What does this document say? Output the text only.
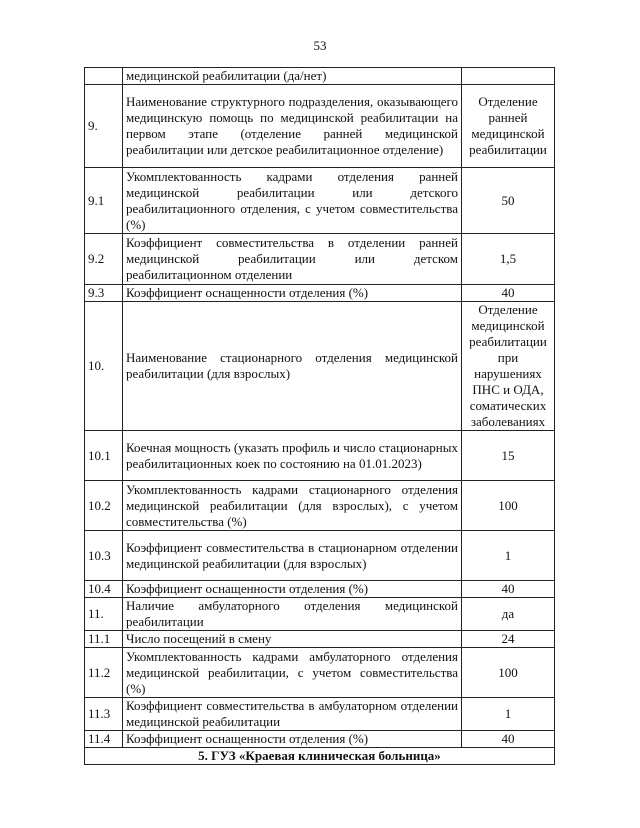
53
	медицинской реабилитации (да/нет)	
9.	Наименование структурного подразделения, оказывающего медицинскую помощь по медицинской реабилитации на первом этапе (отделение ранней медицинской реабилитации или детское реабилитационное отделение)	Отделение ранней медицинской реабилитации
9.1	Укомплектованность кадрами отделения ранней медицинской реабилитации или детского реабилитационного отделения, с учетом совместительства (%)	50
9.2	Коэффициент совместительства в отделении ранней медицинской реабилитации или детском реабилитационном отделении	1,5
9.3	Коэффициент оснащенности отделения (%)	40
10.	Наименование стационарного отделения медицинской реабилитации (для взрослых)	Отделение медицинской реабилитации при нарушениях ПНС и ОДА, соматических заболеваниях
10.1	Коечная мощность (указать профиль и число стационарных реабилитационных коек по состоянию на 01.01.2023)	15
10.2	Укомплектованность кадрами стационарного отделения медицинской реабилитации (для взрослых), с учетом совместительства (%)	100
10.3	Коэффициент совместительства в стационарном отделении медицинской реабилитации (для взрослых)	1
10.4	Коэффициент оснащенности отделения (%)	40
11.	Наличие амбулаторного отделения медицинской реабилитации	да
11.1	Число посещений в смену	24
11.2	Укомплектованность кадрами амбулаторного отделения медицинской реабилитации, с учетом совместительства (%)	100
11.3	Коэффициент совместительства в амбулаторном отделении медицинской реабилитации	1
11.4	Коэффициент оснащенности отделения (%)	40
5. ГУЗ «Краевая клиническая больница»		
